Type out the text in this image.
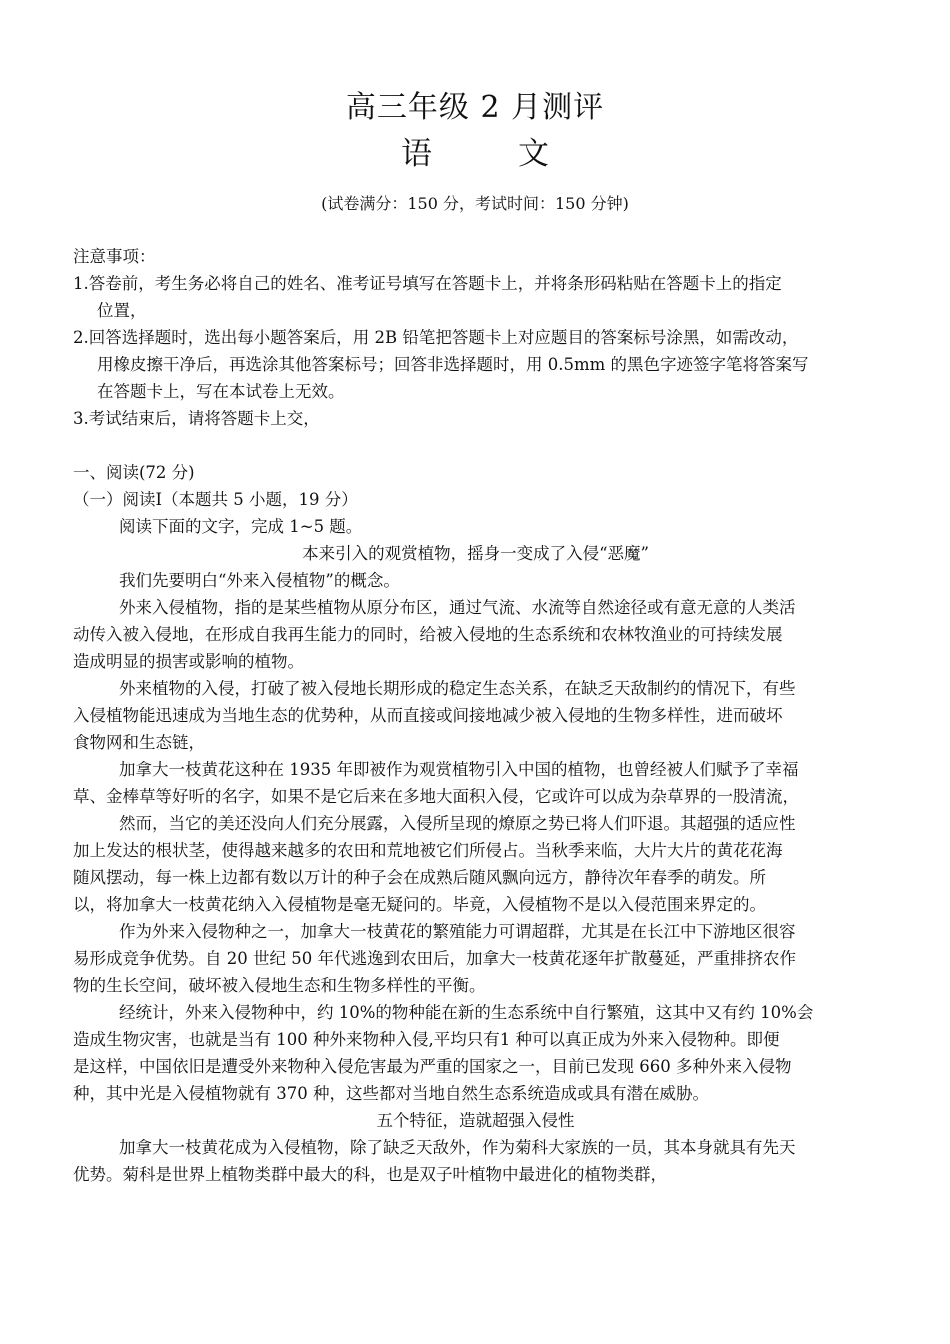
高三年级 2 月测评
语	文
(试卷满分：150 分，考试时间：150 分钟)
注意事项：
1.答卷前，考生务必将自己的姓名、准考证号填写在答题卡上，并将条形码粘贴在答题卡上的指定
位置，
2.回答选择题时，选出每小题答案后，用 2B 铅笔把答题卡上对应题目的答案标号涂黑，如需改动，
用橡皮擦干净后，再选涂其他答案标号；回答非选择题时，用 0.5mm 的黑色字迹签字笔将答案写
在答题卡上，写在本试卷上无效。
3.考试结束后，请将答题卡上交，
一、阅读(72 分)
（一）阅读Ⅰ（本题共 5 小题，19 分）
阅读下面的文字，完成 1~5 题。
本来引入的观赏植物，摇身一变成了入侵“恶魔”
我们先要明白“外来入侵植物”的概念。
外来入侵植物，指的是某些植物从原分布区，通过气流、水流等自然途径或有意无意的人类活
动传入被入侵地，在形成自我再生能力的同时，给被入侵地的生态系统和农林牧渔业的可持续发展
造成明显的损害或影响的植物。
外来植物的入侵，打破了被入侵地长期形成的稳定生态关系，在缺乏天敌制约的情况下，有些
入侵植物能迅速成为当地生态的优势种，从而直接或间接地减少被入侵地的生物多样性，进而破坏
食物网和生态链，
加拿大一枝黄花这种在 1935 年即被作为观赏植物引入中国的植物，也曾经被人们赋予了幸福
草、金棒草等好听的名字，如果不是它后来在多地大面积入侵，它或许可以成为杂草界的一股清流，
然而，当它的美还没向人们充分展露，入侵所呈现的燎原之势已将人们吓退。其超强的适应性
加上发达的根状茎，使得越来越多的农田和荒地被它们所侵占。当秋季来临，大片大片的黄花花海
随风摆动，每一株上边都有数以万计的种子会在成熟后随风飘向远方，静待次年春季的萌发。所
以，将加拿大一枝黄花纳入入侵植物是毫无疑问的。毕竟，入侵植物不是以入侵范围来界定的。
作为外来入侵物种之一，加拿大一枝黄花的繁殖能力可谓超群，尤其是在长江中下游地区很容
易形成竞争优势。自 20 世纪 50 年代逃逸到农田后，加拿大一枝黄花逐年扩散蔓延，严重排挤农作
物的生长空间，破坏被入侵地生态和生物多样性的平衡。
经统计，外来入侵物种中，约 10%的物种能在新的生态系统中自行繁殖，这其中又有约 10%会
造成生物灾害，也就是当有 100 种外来物种入侵,平均只有1 种可以真正成为外来入侵物种。即便
是这样，中国依旧是遭受外来物种入侵危害最为严重的国家之一，目前已发现 660 多种外来入侵物
种，其中光是入侵植物就有 370 种，这些都对当地自然生态系统造成或具有潜在威胁。
五个特征，造就超强入侵性
加拿大一枝黄花成为入侵植物，除了缺乏天敌外，作为菊科大家族的一员，其本身就具有先天
优势。菊科是世界上植物类群中最大的科，也是双子叶植物中最进化的植物类群，
